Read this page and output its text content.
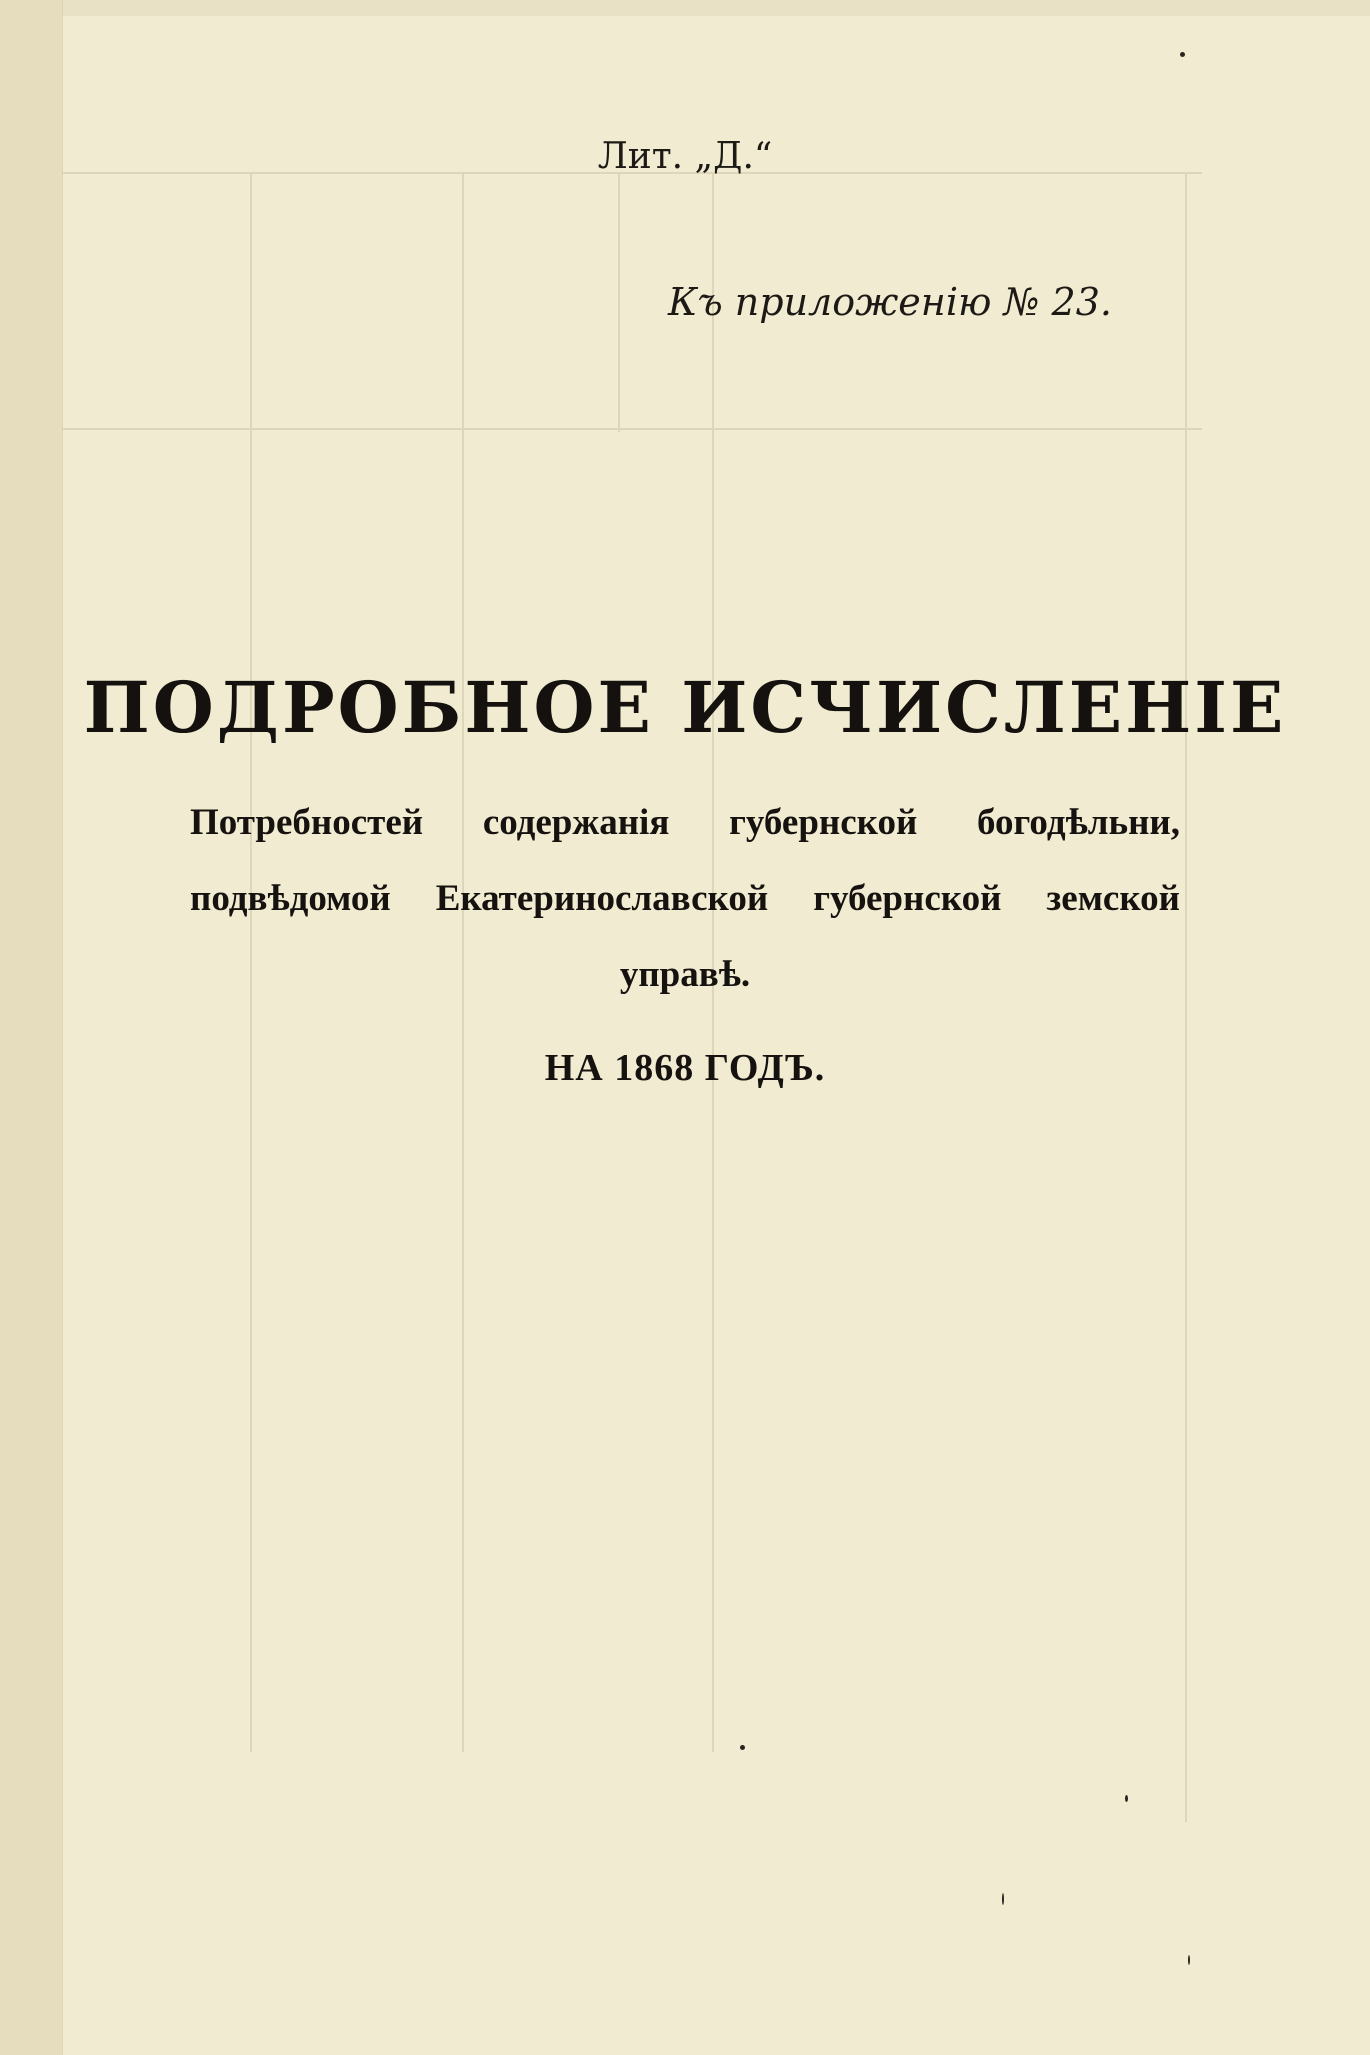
Лит. „Д.“
Къ приложенію № 23.
ПОДРОБНОЕ ИСЧИСЛЕНІЕ
Потребностей содержанія губернской богодѣльни,
подвѣдомой Екатеринославской губернской земской
управѣ.
НА 1868 ГОДЪ.
